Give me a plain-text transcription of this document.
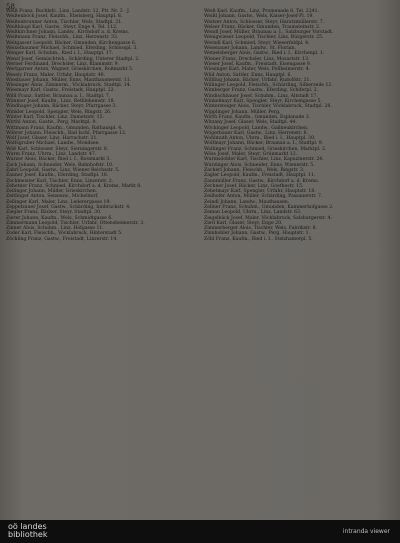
58

Weiß Franz, Buchbdr., Linz, Landstr. 12, Ptt. Nr. 3 · J.

Weißenböck Josef, Kaufm., Ebelsberg, Hauptpl. 8.

Weißenbrunner Anton, Tischler, Wels, Stadtpl. 21.

Weißhäupl Karl, Gastw., Steyr, Enge 4, Tel. 112.

Weißkirchner Johann, Landw., Kirchdorf a. d. Krems.

Weißmann Franz, Fleischh., Linz, Herrenstr. 33.

Weitgasser Leopold, Bäcker, Gmunden, Kirchengasse 6.

Weixelbaumer Michael, Schmied, Eferding, Schlosspl. 3.

Wenger Karl, Schuhm., Ried i. I., Hauptpl. 17.

Wenzl Josef, Gemischtwh., Schärding, Unterer Stadtpl. 2.

Werner Ferdinand, Drechsler, Linz, Klammstr. 9.

Wertgarner Anton, Wagner, Grieskirchen, Roßmarkt 5.

Wesely Franz, Maler, Urfahr, Hauptstr. 40.

Wiesbauer Johann, Müller, Enns, Mauthausnerstr. 11.

Wiesinger Alois, Zimmerm., Vöcklabruck, Stadtpl. 14.

Wiesmayr Karl, Gastw., Freistadt, Hauptpl. 22.

Wild Franz, Sattler, Braunau a. I., Stadtpl. 7.

Wimmer Josef, Kaufm., Linz, Bethlehemstr. 18.

Windhager Johann, Bäcker, Steyr, Pfarrgasse 3.

Winkler Leopold, Spengler, Wels, Ringstr. 26.

Winter Karl, Tischler, Linz, Dametzstr. 15.

Wirthl Anton, Gastw., Perg, Marktpl. 9.

Wittmann Franz, Kaufm., Gmunden, Rathauspl. 4.

Wöhrer Johann, Fleischh., Bad Ischl, Pfarrgasse 12.

Wolf Josef, Glaser, Linz, Harrachstr. 21.

Wolfsgruber Michael, Landw., Mondsee.

Wöß Karl, Schlosser, Steyr, Sierningerstr. 8.

Wurm Franz, Uhrm., Linz, Landstr. 47.

Wurzer Alois, Bäcker, Ried i. I., Rossmarkt 3.

Zach Johann, Schneider, Wels, Bahnhofstr. 10.

Zahrl Leopold, Gastw., Linz, Wiener Reichsstr. 5.

Zauner Josef, Kaufm., Eferding, Stadtpl. 16.

Zechmeister Karl, Tischler, Enns, Linzerstr. 2.

Zehetner Franz, Schmied, Kirchdorf a. d. Krems, Markt 8.

Zeilinger Johann, Müller, Grieskirchen.

Zeitlinger Anton, Sensenw., Micheldorf.

Zellinger Karl, Maler, Linz, Lederergasse 19.

Zeppetzauer Josef, Gastw., Schärding, Innbruckstr. 4.

Ziegler Franz, Bäcker, Steyr, Stadtpl. 30.

Zierer Johann, Kaufm., Wels, Schmidtgasse 6.

Zimmermann Leopold, Tischler, Urfahr, Ottensheimerstr. 3.

Zinner Alois, Schuhm., Linz, Hofgasse 11.

Zoder Karl, Fleischh., Vöcklabruck, Hinterstadt 5.

Zöchling Franz, Gastw., Freistadt, Linzerstr. 14.

Weiß Karl, Kaufm., Linz, Promenade 8, Tel. 2241.

Weißl Johann, Gastw., Wels, Kaiser-Josef-Pl. 19.

Weitzer Anton, Schlosser, Steyr, Haratzmüllerstr. 7.

Welser Franz, Bäcker, Gmunden, Traunsteinstr. 2.

Wendl Josef, Müller, Braunau a. I., Salzburger Vorstadt.

Wenigwieser Leopold, Tischler, Linz, Bürgerstr. 25.

Werndl Karl, Schmied, Steyr, Wieserfeldpl. 4.

Wesenauer Johann, Landw., St. Florian.

Wetzelsberger Alois, Gastw., Ried i. I., Kirchenpl. 1.

Wiener Franz, Drechsler, Linz, Mozartstr. 13.

Wieser Josef, Kaufm., Freistadt, Eisengasse 9.

Wiesinger Karl, Maler, Wels, Pollheimerstr. 4.

Wild Anton, Sattler, Enns, Hauptpl. 6.

Wilfling Johann, Bäcker, Urfahr, Rudolfstr. 31.

Willinger Leopold, Fleischh., Schärding, Silberzeile 12.

Wimberger Franz, Gastw., Eferding, Schiferpl. 2.

Windischbauer Josef, Schuhm., Linz, Altstadt 17.

Winkelmayr Karl, Spengler, Steyr, Kirchengasse 5.

Wintersteiger Alois, Tischler, Vöcklabruck, Stadtpl. 28.

Wipplinger Johann, Müller, Perg.

Wirth Franz, Kaufm., Gmunden, Esplanade 3.

Witzany Josef, Glaser, Wels, Stadtpl. 44.

Wöckinger Leopold, Landw., Gallneukirchen.

Wögerbauer Karl, Gastw., Linz, Herrenstr. 6.

Wohlmuth Anton, Uhrm., Ried i. I., Hauptpl. 30.

Wolfmayr Johann, Bäcker, Braunau a. I., Stadtpl. 9.

Wollinger Franz, Schmied, Grieskirchen, Marktpl. 2.

Wöss Josef, Maler, Steyr, Grünmarkt 12.

Wurmsdobler Karl, Tischler, Linz, Kapuzinerstr. 24.

Wurzinger Alois, Schneider, Enns, Wienerstr. 5.

Zacherl Johann, Fleischh., Wels, Ringstr. 3.

Zagler Leopold, Kaufm., Freistadt, Hauptpl. 11.

Zaunmüller Franz, Gastw., Kirchdorf a. d. Krems.

Zechner Josef, Bäcker, Linz, Goethestr. 15.

Zehetmayr Karl, Spengler, Urfahr, Hauptstr. 18.

Zeilhofer Anton, Müller, Schärding, Passauerstr. 7.

Zeindl Johann, Landw., Mauthausen.

Zellner Franz, Schuhm., Gmunden, Kammerhofgasse 2.

Zeman Leopold, Uhrm., Linz, Landstr. 63.

Ziegelbäck Josef, Maler, Vöcklabruck, Salzburgerstr. 4.

Zierl Karl, Glaser, Steyr, Enge 20.

Zimmerberger Alois, Tischler, Wels, Fabrikstr. 8.

Zinnhobler Johann, Gastw., Perg, Hauptstr. 1.

Zöbl Franz, Kaufm., Ried i. I., Stelzhamerpl. 5.

oö landes
bibliothek	intranda viewer
